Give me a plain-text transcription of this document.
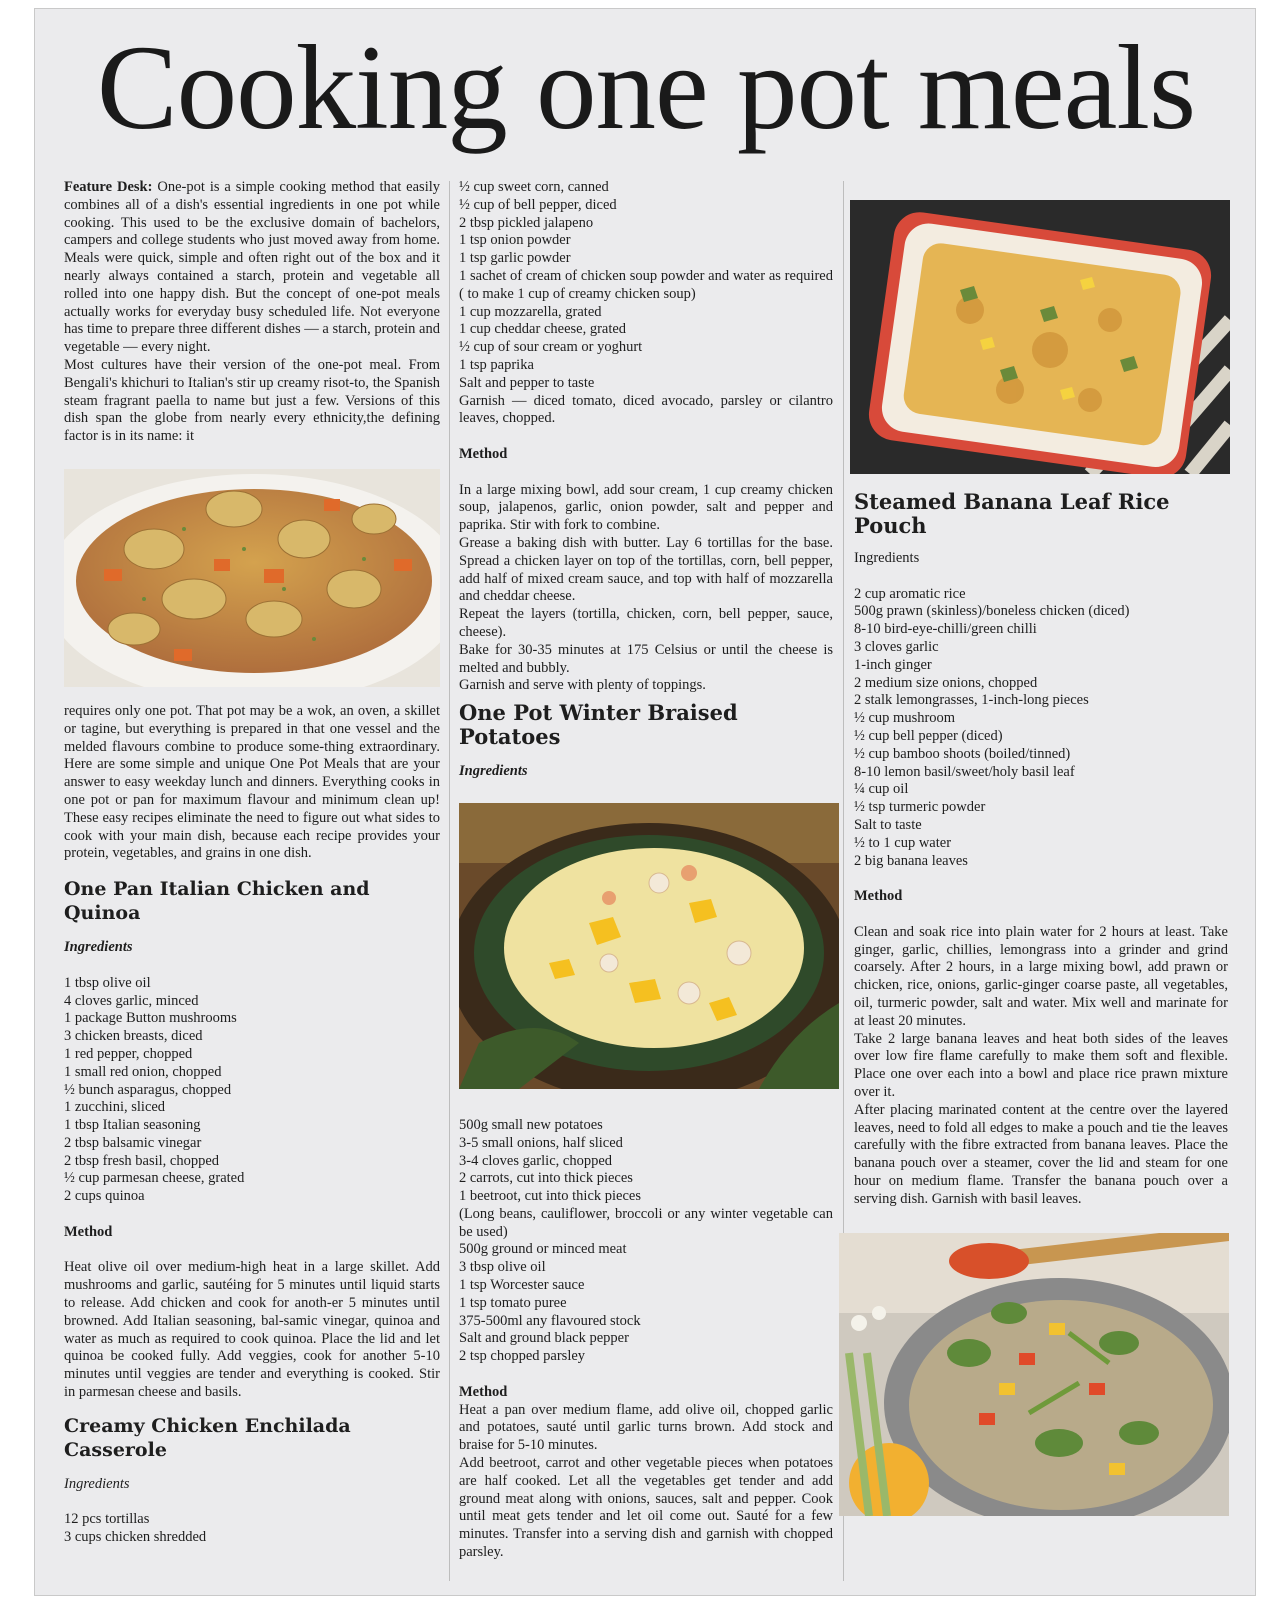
Cooking one pot meals

Feature Desk: One-pot is a simple cooking method that easily combines all of a dish's essential ingredients in one pot while cooking. This used to be the exclusive domain of bachelors, campers and college students who just moved away from home. Meals were quick, simple and often right out of the box and it nearly always contained a starch, protein and vegetable all rolled into one happy dish. But the concept of one-pot meals actually works for everyday busy scheduled life. Not everyone has time to prepare three different dishes — a starch, protein and vegetable — every night.

Most cultures have their version of the one-pot meal. From Bengali's khichuri to Italian's stir up creamy risot-to, the Spanish steam fragrant paella to name but just a few. Versions of this dish span the globe from nearly every ethnicity,the defining factor is in its name: it

requires only one pot. That pot may be a wok, an oven, a skillet or tagine, but everything is prepared in that one vessel and the melded flavours combine to produce some-thing extraordinary. Here are some simple and unique One Pot Meals that are your answer to easy weekday lunch and dinners. Everything cooks in one pot or pan for maximum flavour and minimum clean up! These easy recipes eliminate the need to figure out what sides to cook with your main dish, because each recipe provides your protein, vegetables, and grains in one dish.

One Pan Italian Chicken and Quinoa

Ingredients

1 tbsp olive oil
4 cloves garlic, minced
1 package Button mushrooms
3 chicken breasts, diced
1 red pepper, chopped
1 small red onion, chopped
½ bunch asparagus, chopped
1 zucchini, sliced
1 tbsp Italian seasoning
2 tbsp balsamic vinegar
2 tbsp fresh basil, chopped
½ cup parmesan cheese, grated
2 cups quinoa

Method

Heat olive oil over medium-high heat in a large skillet. Add mushrooms and garlic, sautéing for 5 minutes until liquid starts to release. Add chicken and cook for anoth-er 5 minutes until browned. Add Italian seasoning, bal-samic vinegar, quinoa and water as much as required to cook quinoa. Place the lid and let quinoa be cooked fully. Add veggies, cook for another 5-10 minutes until veggies are tender and everything is cooked. Stir in parmesan cheese and basils.

Creamy Chicken Enchilada Casserole

Ingredients

12 pcs tortillas
3 cups chicken shredded
½ cup sweet corn, canned
½ cup of bell pepper, diced
2 tbsp pickled jalapeno
1 tsp onion powder
1 tsp garlic powder

1 sachet of cream of chicken soup powder and water as required ( to make 1 cup of creamy chicken soup)

1 cup mozzarella, grated
1 cup cheddar cheese, grated
½ cup of sour cream or yoghurt
1 tsp paprika
Salt and pepper to taste

Garnish — diced tomato, diced avocado, parsley or cilantro leaves, chopped.

Method

In a large mixing bowl, add sour cream, 1 cup creamy chicken soup, jalapenos, garlic, onion powder, salt and pepper and paprika. Stir with fork to combine.

Grease a baking dish with butter. Lay 6 tortillas for the base. Spread a chicken layer on top of the tortillas, corn, bell pepper, add half of mixed cream sauce, and top with half of mozzarella and cheddar cheese.

Repeat the layers (tortilla, chicken, corn, bell pepper, sauce, cheese).

Bake for 30-35 minutes at 175 Celsius or until the cheese is melted and bubbly.

Garnish and serve with plenty of toppings.

One Pot Winter Braised Potatoes

Ingredients

500g small new potatoes
3-5 small onions, half sliced
3-4 cloves garlic, chopped
2 carrots, cut into thick pieces
1 beetroot, cut into thick pieces

(Long beans, cauliflower, broccoli or any winter vegetable can be used)

500g ground or minced meat
3 tbsp olive oil
1 tsp Worcester sauce
1 tsp tomato puree
375-500ml any flavoured stock
Salt and ground black pepper
2 tsp chopped parsley

Method

Heat a pan over medium flame, add olive oil, chopped garlic and potatoes, sauté until garlic turns brown. Add stock and braise for 5-10 minutes.

Add beetroot, carrot and other vegetable pieces when potatoes are half cooked. Let all the vegetables get tender and add ground meat along with onions, sauces, salt and pepper. Cook until meat gets tender and let oil come out. Sauté for a few minutes. Transfer into a serving dish and garnish with chopped parsley.

Steamed Banana Leaf Rice Pouch

Ingredients

2 cup aromatic rice
500g prawn (skinless)/boneless chicken (diced)
8-10 bird-eye-chilli/green chilli
3 cloves garlic
1-inch ginger
2 medium size onions, chopped
2 stalk lemongrasses, 1-inch-long pieces
½ cup mushroom
½ cup bell pepper (diced)
½ cup bamboo shoots (boiled/tinned)
8-10 lemon basil/sweet/holy basil leaf
¼ cup oil
½ tsp turmeric powder
Salt to taste
½ to 1 cup water
2 big banana leaves

Method

Clean and soak rice into plain water for 2 hours at least. Take ginger, garlic, chillies, lemongrass into a grinder and grind coarsely. After 2 hours, in a large mixing bowl, add prawn or chicken, rice, onions, garlic-ginger coarse paste, all vegetables, oil, turmeric powder, salt and water. Mix well and marinate for at least 20 minutes.

Take 2 large banana leaves and heat both sides of the leaves over low fire flame carefully to make them soft and flexible. Place one over each into a bowl and place rice prawn mixture over it.

After placing marinated content at the centre over the layered leaves, need to fold all edges to make a pouch and tie the leaves carefully with the fibre extracted from banana leaves. Place the banana pouch over a steamer, cover the lid and steam for one hour on medium flame. Transfer the banana pouch over a serving dish. Garnish with basil leaves.
